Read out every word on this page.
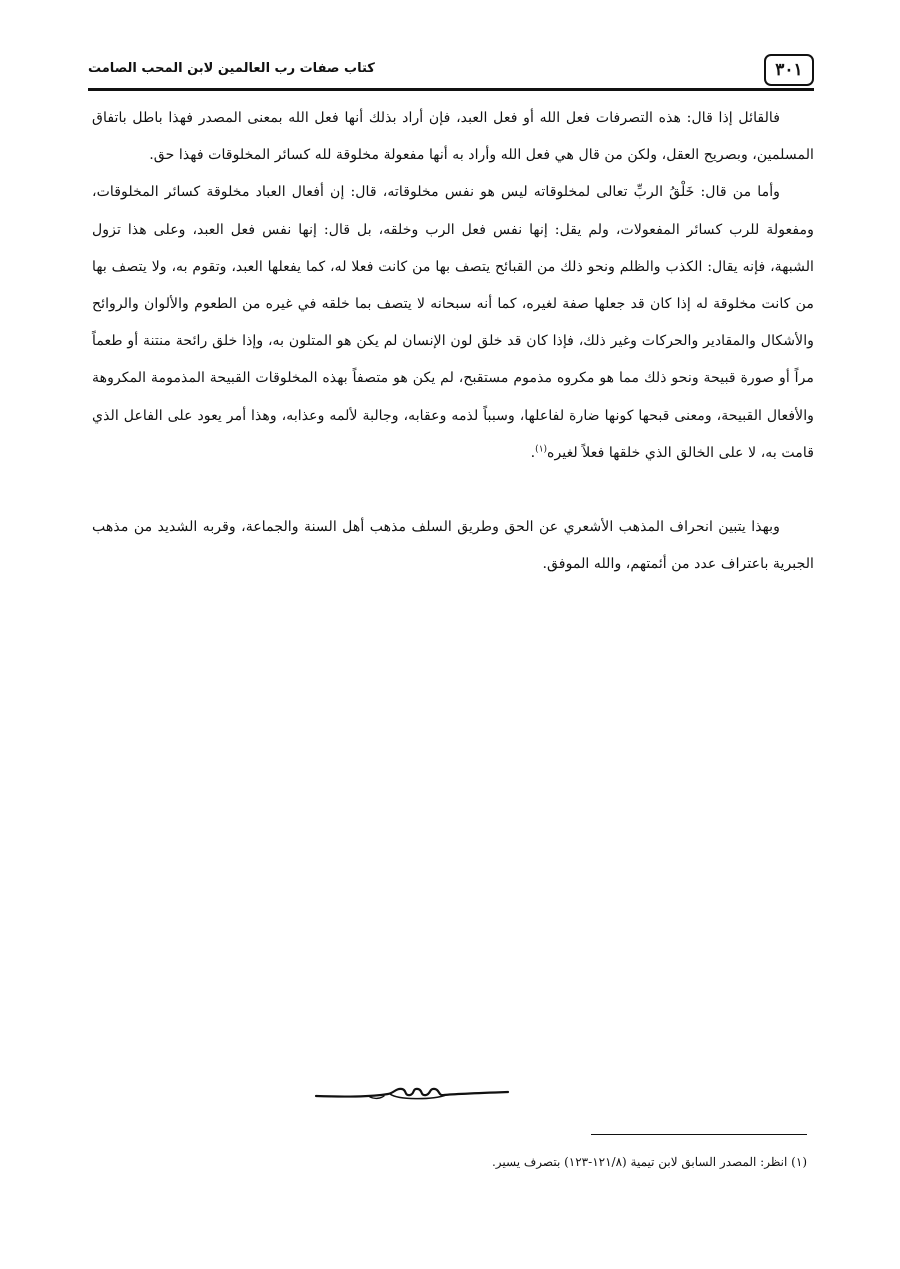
٣٠١
كتاب صفات رب العالمين لابن المحب الصامت

فالقائل إذا قال: هذه التصرفات فعل الله أو فعل العبد، فإن أراد بذلك أنها فعل الله بمعنى المصدر فهذا باطل باتفاق المسلمين، وبصريح العقل، ولكن من قال هي فعل الله وأراد به أنها مفعولة مخلوقة لله كسائر المخلوقات فهذا حق.

وأما من قال: خَلْقُ الربِّ تعالى لمخلوقاته ليس هو نفس مخلوقاته، قال: إن أفعال العباد مخلوقة كسائر المخلوقات، ومفعولة للرب كسائر المفعولات، ولم يقل: إنها نفس فعل الرب وخلقه، بل قال: إنها نفس فعل العبد، وعلى هذا تزول الشبهة، فإنه يقال: الكذب والظلم ونحو ذلك من القبائح يتصف بها من كانت فعلا له، كما يفعلها العبد، وتقوم به، ولا يتصف بها من كانت مخلوقة له إذا كان قد جعلها صفة لغيره، كما أنه سبحانه لا يتصف بما خلقه في غيره من الطعوم والألوان والروائح والأشكال والمقادير والحركات وغير ذلك، فإذا كان قد خلق لون الإنسان لم يكن هو المتلون به، وإذا خلق رائحة منتنة أو طعماً مراً أو صورة قبيحة ونحو ذلك مما هو مكروه مذموم مستقبح، لم يكن هو متصفاً بهذه المخلوقات القبيحة المذمومة المكروهة والأفعال القبيحة، ومعنى قبحها كونها ضارة لفاعلها، وسبباً لذمه وعقابه، وجالبة لألمه وعذابه، وهذا أمر يعود على الفاعل الذي قامت به، لا على الخالق الذي خلقها فعلاً لغيره$^{(١)}$.

وبهذا يتبين انحراف المذهب الأشعري عن الحق وطريق السلف مذهب أهل السنة والجماعة، وقربه الشديد من مذهب الجبرية باعتراف عدد من أئمتهم، والله الموفق.

(١) انظر: المصدر السابق لابن تيمية (١٢١/٨-١٢٣) بتصرف يسير.
